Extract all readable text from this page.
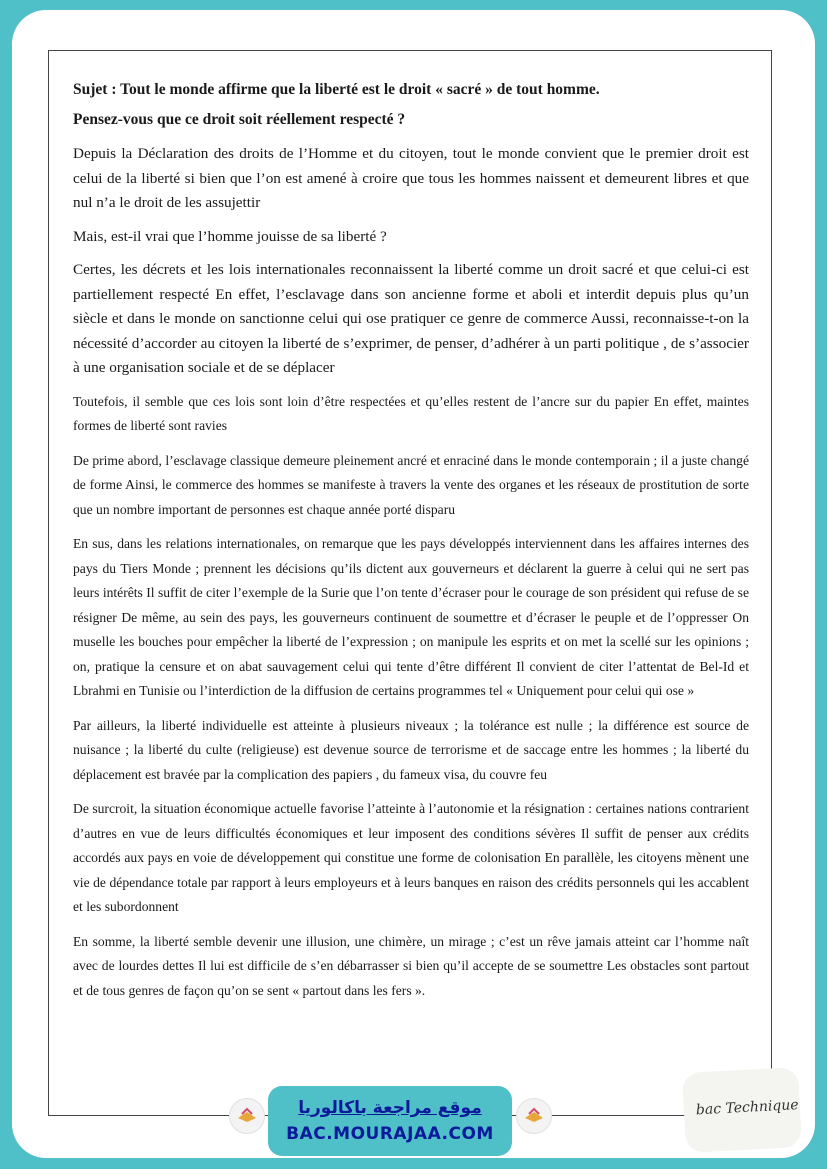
Sujet : Tout le monde affirme que la liberté est le droit « sacré » de tout homme.

Pensez-vous que ce droit soit réellement respecté ?

Depuis la Déclaration des droits de l’Homme et du citoyen, tout le monde convient que le premier droit est celui de la liberté si bien que l’on est amené à croire que tous les hommes naissent et demeurent libres et que nul n’a le droit de les assujettir

Mais, est-il vrai que l’homme jouisse de sa liberté ?

Certes, les décrets et les lois internationales reconnaissent la liberté comme un droit sacré et que celui-ci est partiellement respecté En effet, l’esclavage dans son ancienne forme et aboli et interdit depuis plus qu’un siècle et dans le monde on sanctionne celui qui ose pratiquer ce genre de commerce Aussi, reconnaisse-t-on la nécessité d’accorder au citoyen la liberté de s’exprimer, de penser, d’adhérer à un parti politique , de s’associer à une organisation sociale et de se déplacer

Toutefois, il semble que ces lois sont loin d’être respectées et qu’elles restent de l’ancre sur du papier En effet, maintes formes de liberté sont ravies

De prime abord, l’esclavage classique demeure pleinement ancré et enraciné dans le monde contemporain ; il a juste changé de forme Ainsi, le commerce des hommes se manifeste à travers la vente des organes et les réseaux de prostitution de sorte que un nombre important de personnes est chaque année porté disparu

En sus, dans les relations internationales, on remarque que les pays développés interviennent dans les affaires internes des pays du Tiers Monde ; prennent les décisions qu’ils dictent aux gouverneurs et déclarent la guerre à celui qui ne sert pas leurs intérêts Il suffit de citer l’exemple de la Surie que l’on tente d’écraser pour le courage de son président qui refuse de se résigner De même, au sein des pays, les gouverneurs continuent de soumettre et d’écraser le peuple et de l’oppresser On muselle les bouches pour empêcher la liberté de l’expression ; on manipule les esprits et on met la scellé sur les opinions ; on, pratique la censure et on abat sauvagement celui qui tente d’être différent Il convient de citer l’attentat de Bel-Id et Lbrahmi en Tunisie ou l’interdiction de la diffusion de certains programmes tel « Uniquement pour celui qui ose »

Par ailleurs, la liberté individuelle est atteinte à plusieurs niveaux ; la tolérance est nulle ; la différence est source de nuisance ; la liberté du culte (religieuse) est devenue source de terrorisme et de saccage entre les hommes ; la liberté du déplacement est bravée par la complication des papiers , du fameux visa, du couvre feu

De surcroit, la situation économique actuelle favorise l’atteinte à l’autonomie et la résignation : certaines nations contrarient d’autres en vue de leurs difficultés économiques et leur imposent des conditions sévères Il suffit de penser aux crédits accordés aux pays en voie de développement qui constitue une forme de colonisation En parallèle, les citoyens mènent une vie de dépendance totale par rapport à leurs employeurs et à leurs banques en raison des crédits personnels qui les accablent et les subordonnent

En somme, la liberté semble devenir une illusion, une chimère, un mirage ; c’est un rêve jamais atteint car l’homme naît avec de lourdes dettes Il lui est difficile de s’en débarrasser si bien qu’il accepte de se soumettre Les obstacles sont partout et de tous genres de façon qu’on se sent « partout dans les fers ».

موقع مراجعة باكالوريا
BAC.MOURAJAA.COM
bac Technique
